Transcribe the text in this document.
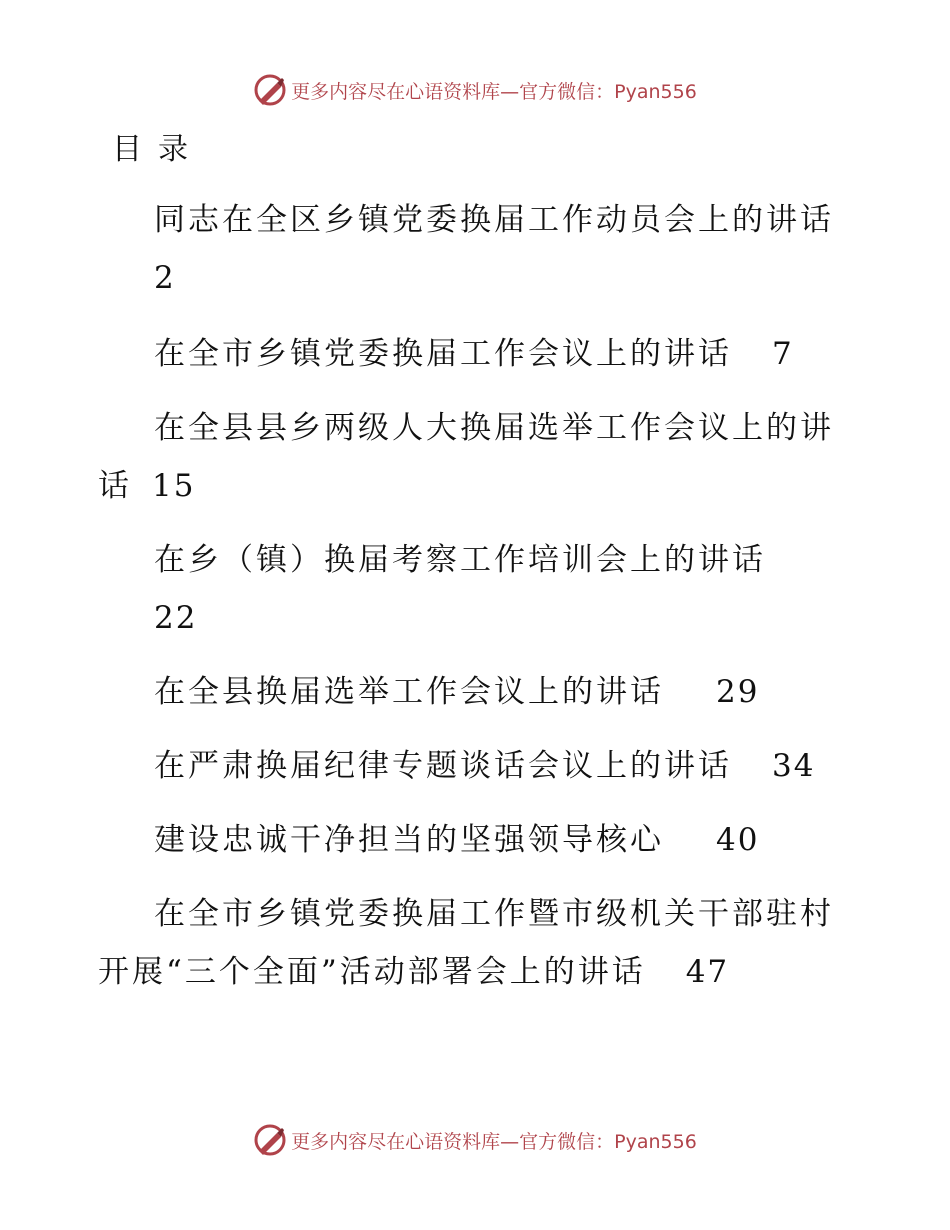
更多内容尽在心语资料库—官方微信：Pyan556
目录
同志在全区乡镇党委换届工作动员会上的讲话
2
在全市乡镇党委换届工作会议上的讲话 7
在全县县乡两级人大换届选举工作会议上的讲
话 15
在乡（镇）换届考察工作培训会上的讲话
22
在全县换届选举工作会议上的讲话 29
在严肃换届纪律专题谈话会议上的讲话 34
建设忠诚干净担当的坚强领导核心 40
在全市乡镇党委换届工作暨市级机关干部驻村
开展“三个全面”活动部署会上的讲话 47
更多内容尽在心语资料库—官方微信：Pyan556
